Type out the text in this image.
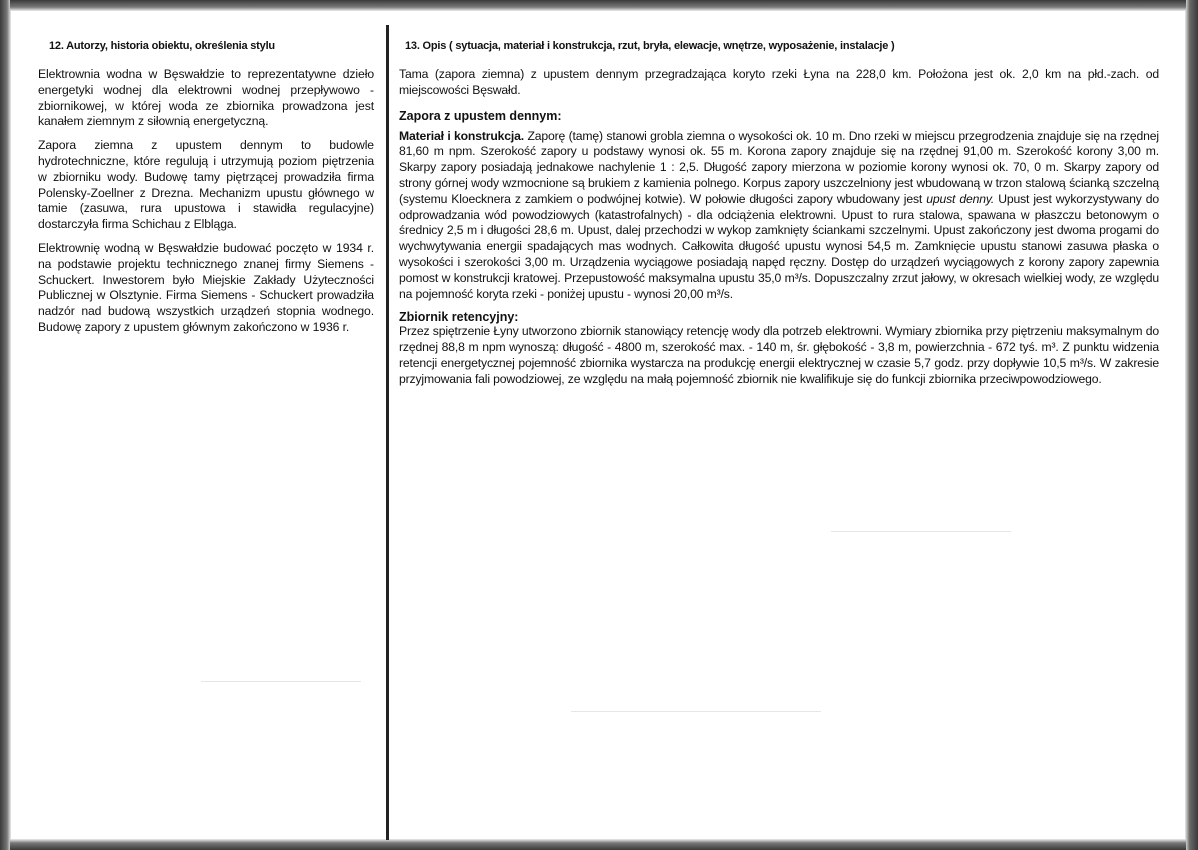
12. Autorzy, historia obiektu, określenia stylu

Elektrownia wodna w Bęswałdzie to reprezentatywne dzieło energetyki wodnej dla elektrowni wodnej przepływowo - zbiornikowej, w której woda ze zbiornika prowadzona jest kanałem ziemnym z siłownią energetyczną.

Zapora ziemna z upustem dennym to budowle hydrotechniczne, które regulują i utrzymują poziom piętrzenia w zbiorniku wody. Budowę tamy piętrzącej prowadziła firma Polensky-Zoellner z Drezna. Mechanizm upustu głównego w tamie (zasuwa, rura upustowa i stawidła regulacyjne) dostarczyła firma Schichau z Elbląga.

Elektrownię wodną w Bęswałdzie budować poczęto w 1934 r. na podstawie projektu technicznego znanej firmy Siemens - Schuckert. Inwestorem było Miejskie Zakłady Użyteczności Publicznej w Olsztynie. Firma Siemens - Schuckert prowadziła nadzór nad budową wszystkich urządzeń stopnia wodnego. Budowę zapory z upustem głównym zakończono w 1936 r.

13. Opis ( sytuacja, materiał i konstrukcja, rzut, bryła, elewacje, wnętrze, wyposażenie, instalacje )

Tama (zapora ziemna) z upustem dennym przegradzająca koryto rzeki Łyna na 228,0 km. Położona jest ok. 2,0 km na płd.-zach. od miejscowości Bęswałd.

Zapora z upustem dennym:

Materiał i konstrukcja. Zaporę (tamę) stanowi grobla ziemna o wysokości ok. 10 m. Dno rzeki w miejscu przegrodzenia znajduje się na rzędnej 81,60 m npm. Szerokość zapory u podstawy wynosi ok. 55 m. Korona zapory znajduje się na rzędnej 91,00 m. Szerokość korony 3,00 m. Skarpy zapory posiadają jednakowe nachylenie 1 : 2,5. Długość zapory mierzona w poziomie korony wynosi ok. 70, 0 m. Skarpy zapory od strony górnej wody wzmocnione są brukiem z kamienia polnego. Korpus zapory uszczelniony jest wbudowaną w trzon stalową ścianką szczelną (systemu Kloecknera z zamkiem o podwójnej kotwie). W połowie długości zapory wbudowany jest upust denny. Upust jest wykorzystywany do odprowadzania wód powodziowych (katastrofalnych) - dla odciążenia elektrowni. Upust to rura stalowa, spawana w płaszczu betonowym o średnicy 2,5 m i długości 28,6 m. Upust, dalej przechodzi w wykop zamknięty ściankami szczelnymi. Upust zakończony jest dwoma progami do wychwytywania energii spadających mas wodnych. Całkowita długość upustu wynosi 54,5 m. Zamknięcie upustu stanowi zasuwa płaska o wysokości i szerokości 3,00 m. Urządzenia wyciągowe posiadają napęd ręczny. Dostęp do urządzeń wyciągowych z korony zapory zapewnia pomost w konstrukcji kratowej. Przepustowość maksymalna upustu 35,0 m³/s. Dopuszczalny zrzut jałowy, w okresach wielkiej wody, ze względu na pojemność koryta rzeki - poniżej upustu - wynosi 20,00 m³/s.

Zbiornik retencyjny:

Przez spiętrzenie Łyny utworzono zbiornik stanowiący retencję wody dla potrzeb elektrowni. Wymiary zbiornika przy piętrzeniu maksymalnym do rzędnej 88,8 m npm wynoszą: długość - 4800 m, szerokość max. - 140 m, śr. głębokość - 3,8 m, powierzchnia - 672 tyś. m³. Z punktu widzenia retencji energetycznej pojemność zbiornika wystarcza na produkcję energii elektrycznej w czasie 5,7 godz. przy dopływie 10,5 m³/s. W zakresie przyjmowania fali powodziowej, ze względu na małą pojemność zbiornik nie kwalifikuje się do funkcji zbiornika przeciwpowodziowego.
